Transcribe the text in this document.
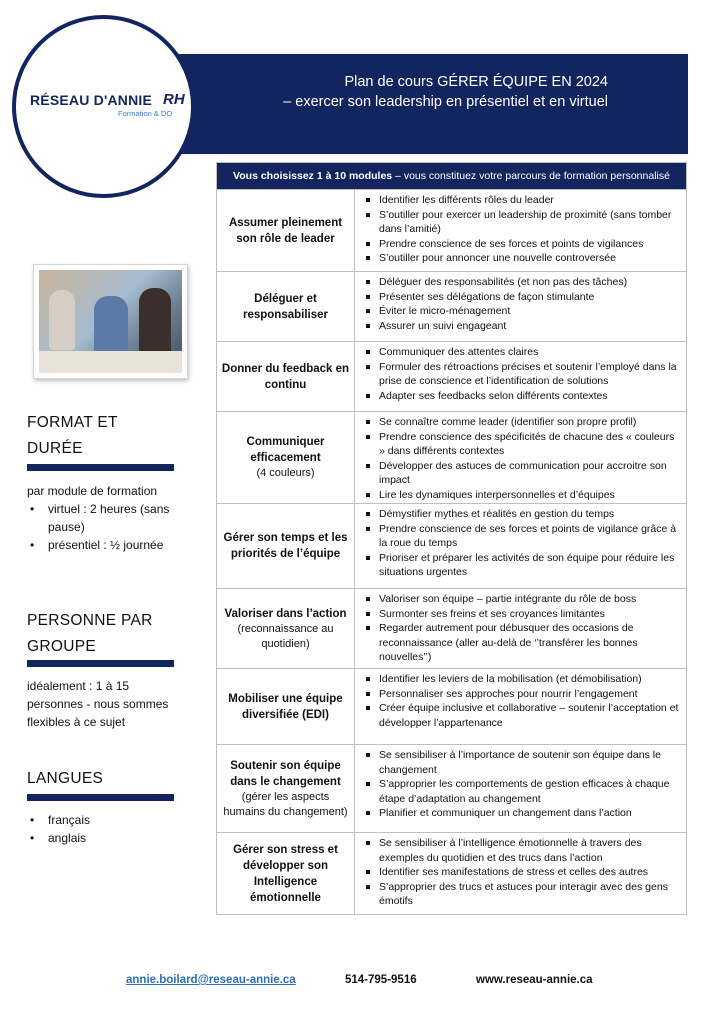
Plan de cours GÉRER ÉQUIPE EN 2024
– exercer son leadership en présentiel et en virtuel
RÉSEAU D'ANNIE RH
Formation & DO
FORMAT ET
DURÉE
par module de formation
• virtuel : 2 heures (sans pause)
• présentiel : ½ journée
PERSONNE PAR
GROUPE
idéalement : 1 à 15 personnes - nous sommes flexibles à ce sujet
LANGUES
• français
• anglais
Vous choisissez 1 à 10 modules – vous constituez votre parcours de formation personnalisé
Assumer pleinement son rôle de leader
Identifier les différents rôles du leader
S’outiller pour exercer un leadership de proximité (sans tomber dans l’amitié)
Prendre conscience de ses forces et points de vigilances
S’outiller pour annoncer une nouvelle controversée
Déléguer et responsabiliser
Déléguer des responsabilités (et non pas des tâches)
Présenter ses délégations de façon stimulante
Éviter le micro-ménagement
Assurer un suivi engageant
Donner du feedback en continu
Communiquer des attentes claires
Formuler des rétroactions précises et soutenir l’employé dans la prise de conscience et l’identification de solutions
Adapter ses feedbacks selon différents contextes
Communiquer efficacement
(4 couleurs)
Se connaître comme leader (identifier son propre profil)
Prendre conscience des spécificités de chacune des « couleurs » dans différents contextes
Développer des astuces de communication pour accroitre son impact
Lire les dynamiques interpersonnelles et d’équipes
Gérer son temps et les priorités de l’équipe
Démystifier mythes et réalités en gestion du temps
Prendre conscience de ses forces et points de vigilance grâce à la roue du temps
Prioriser et préparer les activités de son équipe pour réduire les situations urgentes
Valoriser dans l’action
(reconnaissance au quotidien)
Valoriser son équipe – partie intégrante du rôle de boss
Surmonter ses freins et ses croyances limitantes
Regarder autrement pour débusquer des occasions de reconnaissance (aller au-delà de ‘’transférer les bonnes nouvelles’’)
Mobiliser une équipe diversifiée (EDI)
Identifier les leviers de la mobilisation (et démobilisation)
Personnaliser ses approches pour nourrir l’engagement
Créer équipe inclusive et collaborative – soutenir l’acceptation et développer l’appartenance
Soutenir son équipe dans le changement
(gérer les aspects humains du changement)
Se sensibiliser à l’importance de soutenir son équipe dans le changement
S’approprier les comportements de gestion efficaces à chaque étape d’adaptation au changement
Planifier et communiquer un changement dans l’action
Gérer son stress et développer son Intelligence émotionnelle
Se sensibiliser à l’intelligence émotionnelle à travers des exemples du quotidien et des trucs dans l’action
Identifier ses manifestations de stress et celles des autres
S’approprier des trucs et astuces pour interagir avec des gens émotifs
annie.boilard@reseau-annie.ca	514-795-9516	www.reseau-annie.ca
